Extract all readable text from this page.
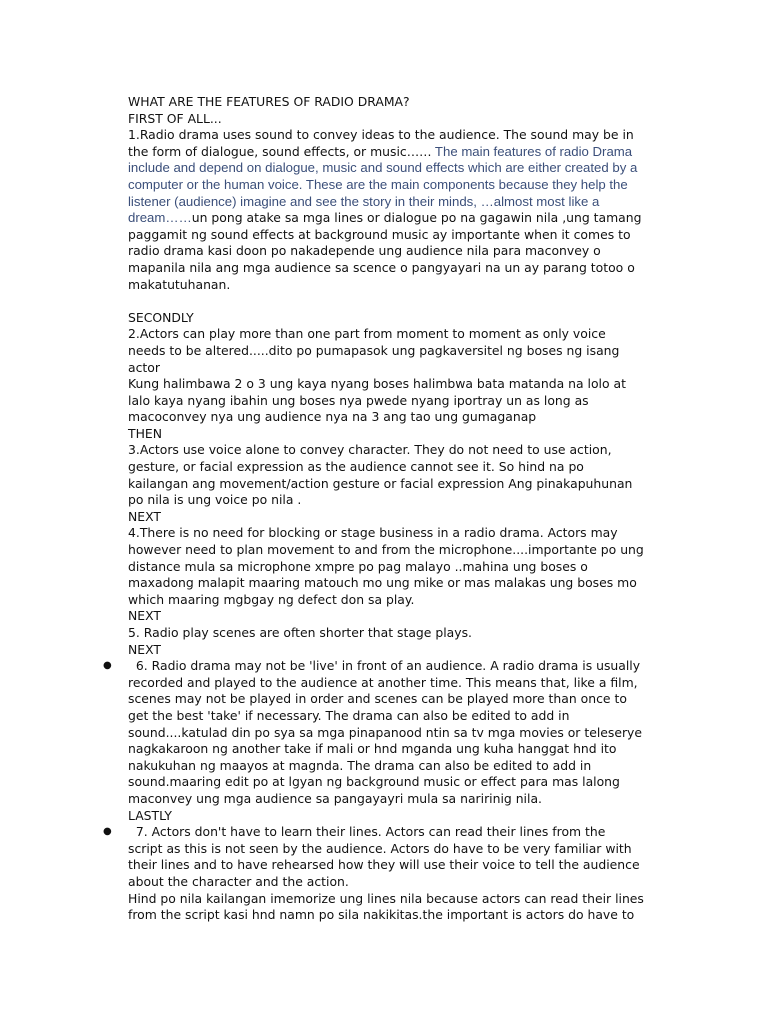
WHAT ARE THE FEATURES OF RADIO DRAMA?
FIRST OF ALL...
1.Radio drama uses sound to convey ideas to the audience. The sound may be in
the form of dialogue, sound effects, or music…… The main features of radio Drama
include and depend on dialogue, music and sound effects which are either created by a
computer or the human voice. These are the main components because they help the
listener (audience) imagine and see the story in their minds, …almost most like a
dream……un pong atake sa mga lines or dialogue po na gagawin nila ,ung tamang
paggamit ng sound effects at background music ay importante when it comes to
radio drama kasi doon po nakadepende ung audience nila para maconvey o
mapanila nila ang mga audience sa scence o pangyayari na un ay parang totoo o
makatutuhanan.
SECONDLY
2.Actors can play more than one part from moment to moment as only voice
needs to be altered.....dito po pumapasok ung pagkaversitel ng boses ng isang
actor
Kung halimbawa 2 o 3 ung kaya nyang boses halimbwa bata matanda na lolo at
lalo kaya nyang ibahin ung boses nya pwede nyang iportray un as long as
macoconvey nya ung audience nya na 3 ang tao ung gumaganap
THEN
3.Actors use voice alone to convey character. They do not need to use action,
gesture, or facial expression as the audience cannot see it. So hind na po
kailangan ang movement/action gesture or facial expression Ang pinakapuhunan
po nila is ung voice po nila .
NEXT
4.There is no need for blocking or stage business in a radio drama. Actors may
however need to plan movement to and from the microphone....importante po ung
distance mula sa microphone xmpre po pag malayo ..mahina ung boses o
maxadong malapit maaring matouch mo ung mike or mas malakas ung boses mo
which maaring mgbgay ng defect don sa play.
NEXT
5. Radio play scenes are often shorter that stage plays.
NEXT
● 6. Radio drama may not be 'live' in front of an audience. A radio drama is usually
recorded and played to the audience at another time. This means that, like a film,
scenes may not be played in order and scenes can be played more than once to
get the best 'take' if necessary. The drama can also be edited to add in
sound....katulad din po sya sa mga pinapanood ntin sa tv mga movies or teleserye
nagkakaroon ng another take if mali or hnd mganda ung kuha hanggat hnd ito
nakukuhan ng maayos at magnda. The drama can also be edited to add in
sound.maaring edit po at lgyan ng background music or effect para mas lalong
maconvey ung mga audience sa pangayayri mula sa naririnig nila.
LASTLY
● 7. Actors don't have to learn their lines. Actors can read their lines from the
script as this is not seen by the audience. Actors do have to be very familiar with
their lines and to have rehearsed how they will use their voice to tell the audience
about the character and the action.
Hind po nila kailangan imemorize ung lines nila because actors can read their lines
from the script kasi hnd namn po sila nakikitas.the important is actors do have to
